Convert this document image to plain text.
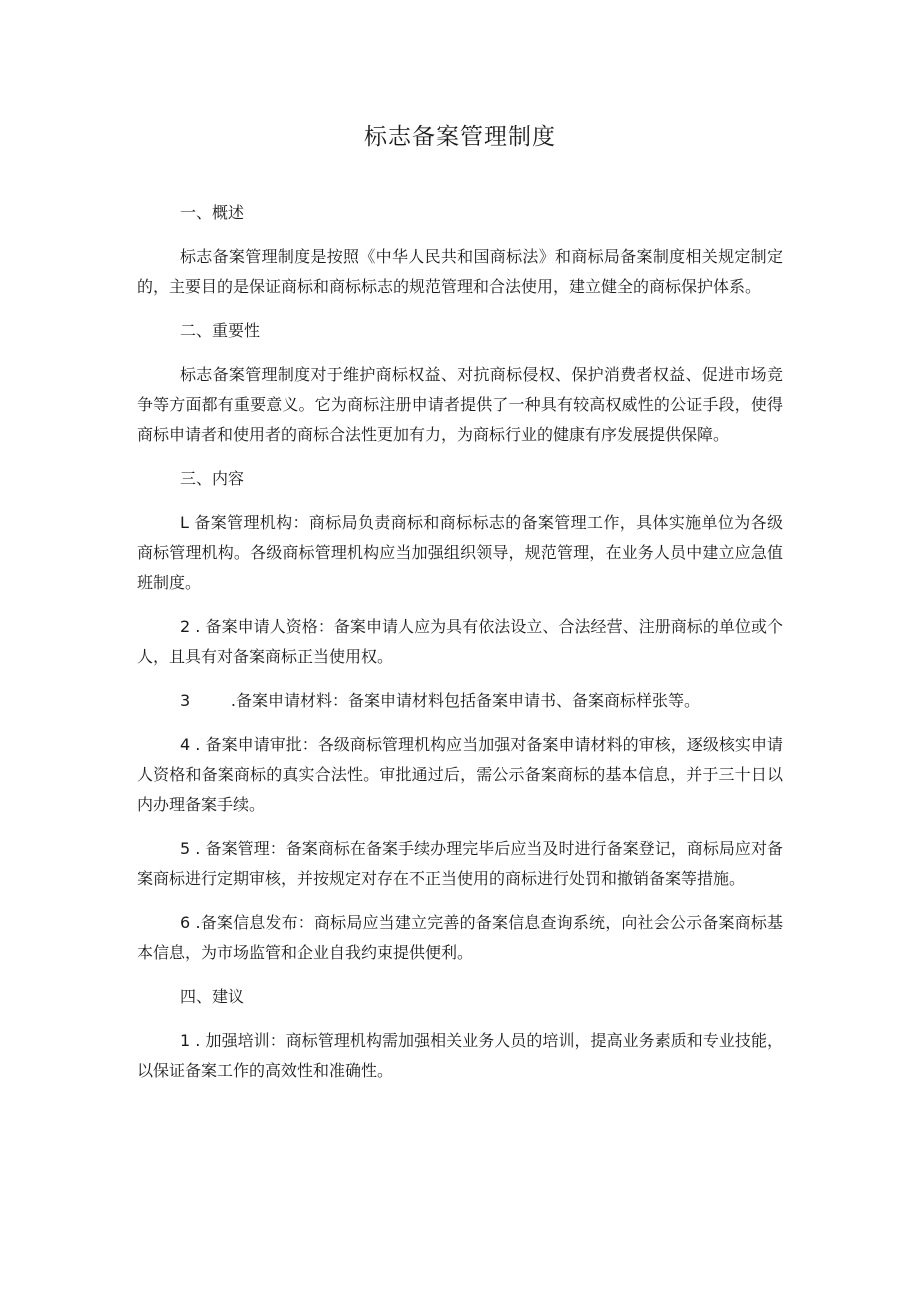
标志备案管理制度
一、概述

标志备案管理制度是按照《中华人民共和国商标法》和商标局备案制度相关规定制定的，主要目的是保证商标和商标标志的规范管理和合法使用，建立健全的商标保护体系。

二、重要性

标志备案管理制度对于维护商标权益、对抗商标侵权、保护消费者权益、促进市场竞争等方面都有重要意义。它为商标注册申请者提供了一种具有较高权威性的公证手段，使得商标申请者和使用者的商标合法性更加有力，为商标行业的健康有序发展提供保障。

三、内容

L 备案管理机构：商标局负责商标和商标标志的备案管理工作，具体实施单位为各级商标管理机构。各级商标管理机构应当加强组织领导，规范管理，在业务人员中建立应急值班制度。

2 . 备案申请人资格：备案申请人应为具有依法设立、合法经营、注册商标的单位或个人，且具有对备案商标正当使用权。

3        .备案申请材料：备案申请材料包括备案申请书、备案商标样张等。

4 . 备案申请审批：各级商标管理机构应当加强对备案申请材料的审核，逐级核实申请人资格和备案商标的真实合法性。审批通过后，需公示备案商标的基本信息，并于三十日以内办理备案手续。

5 . 备案管理：备案商标在备案手续办理完毕后应当及时进行备案登记，商标局应对备案商标进行定期审核，并按规定对存在不正当使用的商标进行处罚和撤销备案等措施。

6 .备案信息发布：商标局应当建立完善的备案信息查询系统，向社会公示备案商标基本信息，为市场监管和企业自我约束提供便利。

四、建议

1 . 加强培训：商标管理机构需加强相关业务人员的培训，提高业务素质和专业技能，以保证备案工作的高效性和准确性。
